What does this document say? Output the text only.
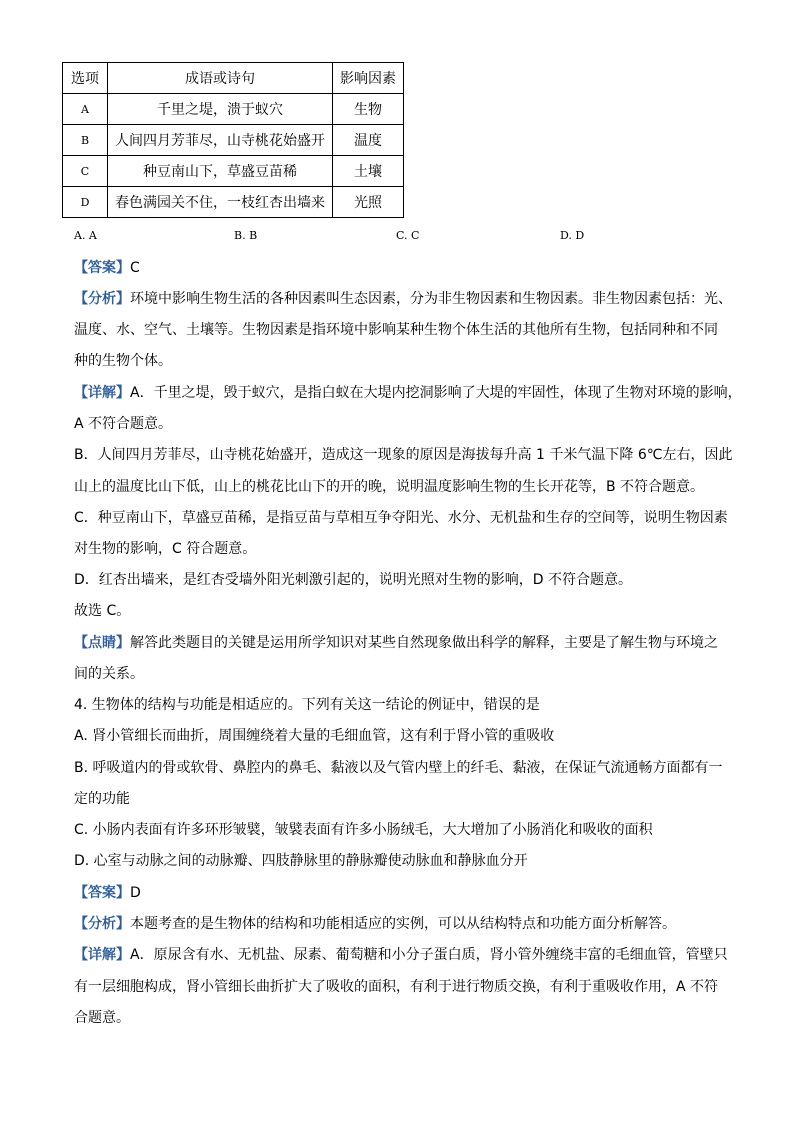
选项	成语或诗句	影响因素
A	千里之堤，溃于蚁穴	生物
B	人间四月芳菲尽，山寺桃花始盛开	温度
C	种豆南山下，草盛豆苗稀	土壤
D	春色满园关不住，一枝红杏出墙来	光照
A. A	B. B	C. C	D. D
【答案】C
【分析】环境中影响生物生活的各种因素叫生态因素，分为非生物因素和生物因素。非生物因素包括：光、
温度、水、空气、土壤等。生物因素是指环境中影响某种生物个体生活的其他所有生物，包括同种和不同
种的生物个体。
【详解】A．千里之堤，毁于蚁穴，是指白蚁在大堤内挖洞影响了大堤的牢固性，体现了生物对环境的影响，
A 不符合题意。
B．人间四月芳菲尽，山寺桃花始盛开，造成这一现象的原因是海拔每升高 1 千米气温下降 6℃左右，因此
山上的温度比山下低，山上的桃花比山下的开的晚，说明温度影响生物的生长开花等，B 不符合题意。
C．种豆南山下，草盛豆苗稀，是指豆苗与草相互争夺阳光、水分、无机盐和生存的空间等，说明生物因素
对生物的影响，C 符合题意。
D．红杏出墙来，是红杏受墙外阳光刺激引起的，说明光照对生物的影响，D 不符合题意。
故选 C。
【点睛】解答此类题目的关键是运用所学知识对某些自然现象做出科学的解释，主要是了解生物与环境之
间的关系。
4. 生物体的结构与功能是相适应的。下列有关这一结论的例证中，错误的是
A. 肾小管细长而曲折，周围缠绕着大量的毛细血管，这有利于肾小管的重吸收
B. 呼吸道内的骨或软骨、鼻腔内的鼻毛、黏液以及气管内壁上的纤毛、黏液，在保证气流通畅方面都有一
定的功能
C. 小肠内表面有许多环形皱襞，皱襞表面有许多小肠绒毛，大大增加了小肠消化和吸收的面积
D. 心室与动脉之间的动脉瓣、四肢静脉里的静脉瓣使动脉血和静脉血分开
【答案】D
【分析】本题考查的是生物体的结构和功能相适应的实例，可以从结构特点和功能方面分析解答。
【详解】A．原尿含有水、无机盐、尿素、葡萄糖和小分子蛋白质，肾小管外缠绕丰富的毛细血管，管壁只
有一层细胞构成，肾小管细长曲折扩大了吸收的面积，有利于进行物质交换，有利于重吸收作用，A 不符
合题意。
